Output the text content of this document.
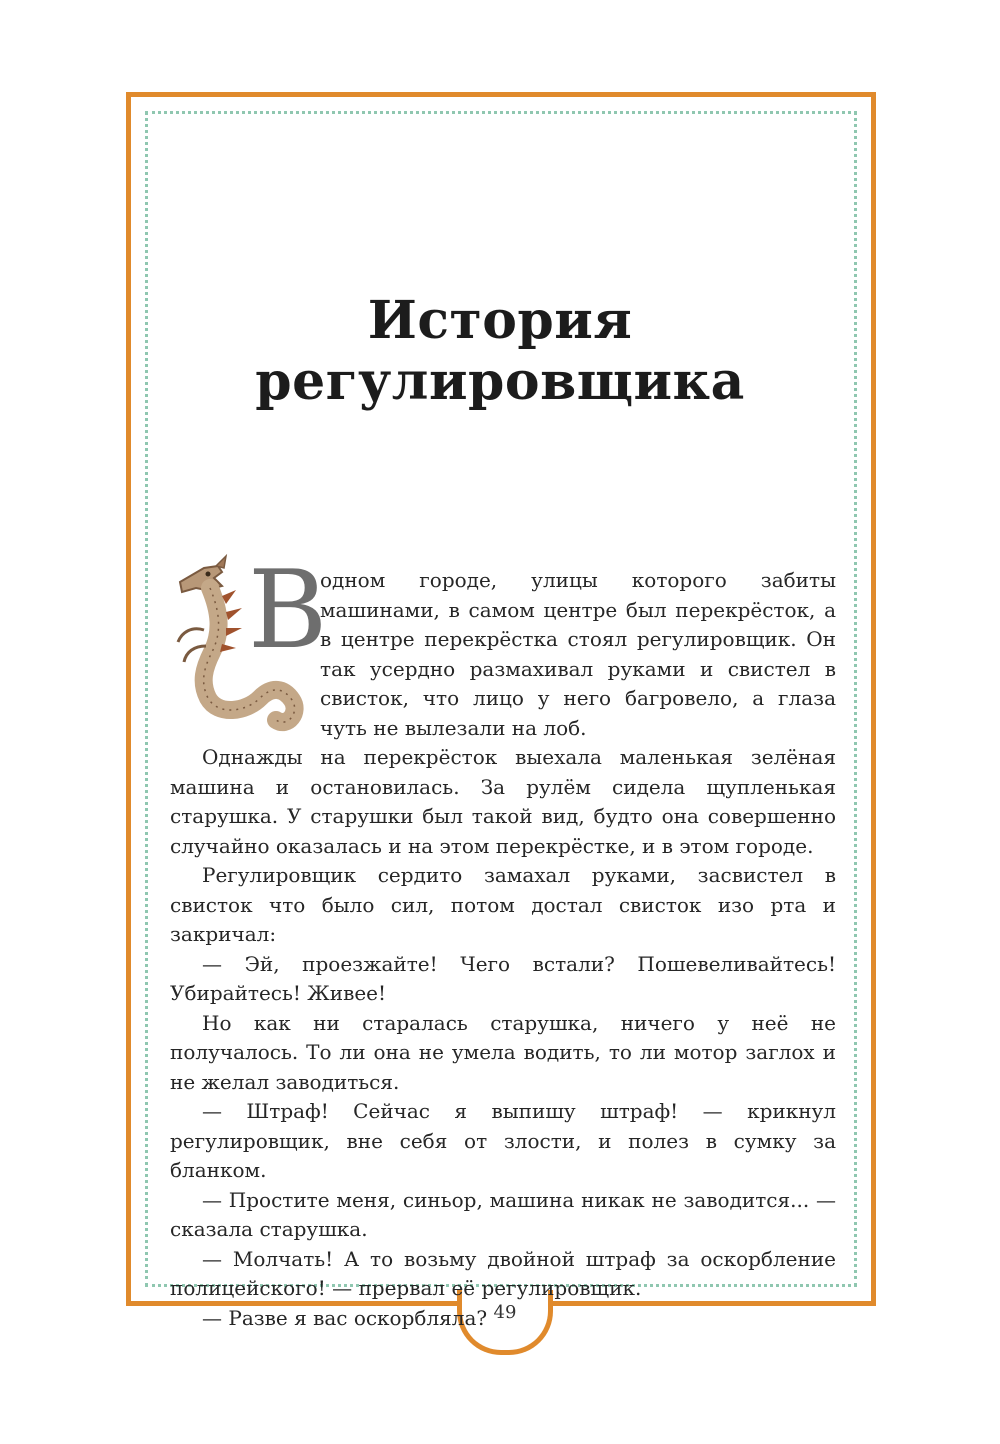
49
История регулировщика
В

одном городе, улицы которого забиты машинами, в самом центре был перекрёсток, а в центре перекрёстка стоял регулировщик. Он так усердно размахивал руками и свистел в свисток, что лицо у него багровело, а глаза чуть не вылезали на лоб.

Однажды на перекрёсток выехала маленькая зелёная машина и остановилась. За рулём сидела щупленькая старушка. У старушки был такой вид, будто она совершенно случайно оказалась и на этом перекрёстке, и в этом городе.

Регулировщик сердито замахал руками, засвистел в свисток что было сил, потом достал свисток изо рта и закричал:

— Эй, проезжайте! Чего встали? Пошевеливайтесь! Убирайтесь! Живее!

Но как ни старалась старушка, ничего у неё не получалось. То ли она не умела водить, то ли мотор заглох и не желал заводиться.

— Штраф! Сейчас я выпишу штраф! — крикнул регулировщик, вне себя от злости, и полез в сумку за бланком.

— Простите меня, синьор, машина никак не заводится... — сказала старушка.

— Молчать! А то возьму двойной штраф за оскорбление полицейского! — прервал её регулировщик.

— Разве я вас оскорбляла?
